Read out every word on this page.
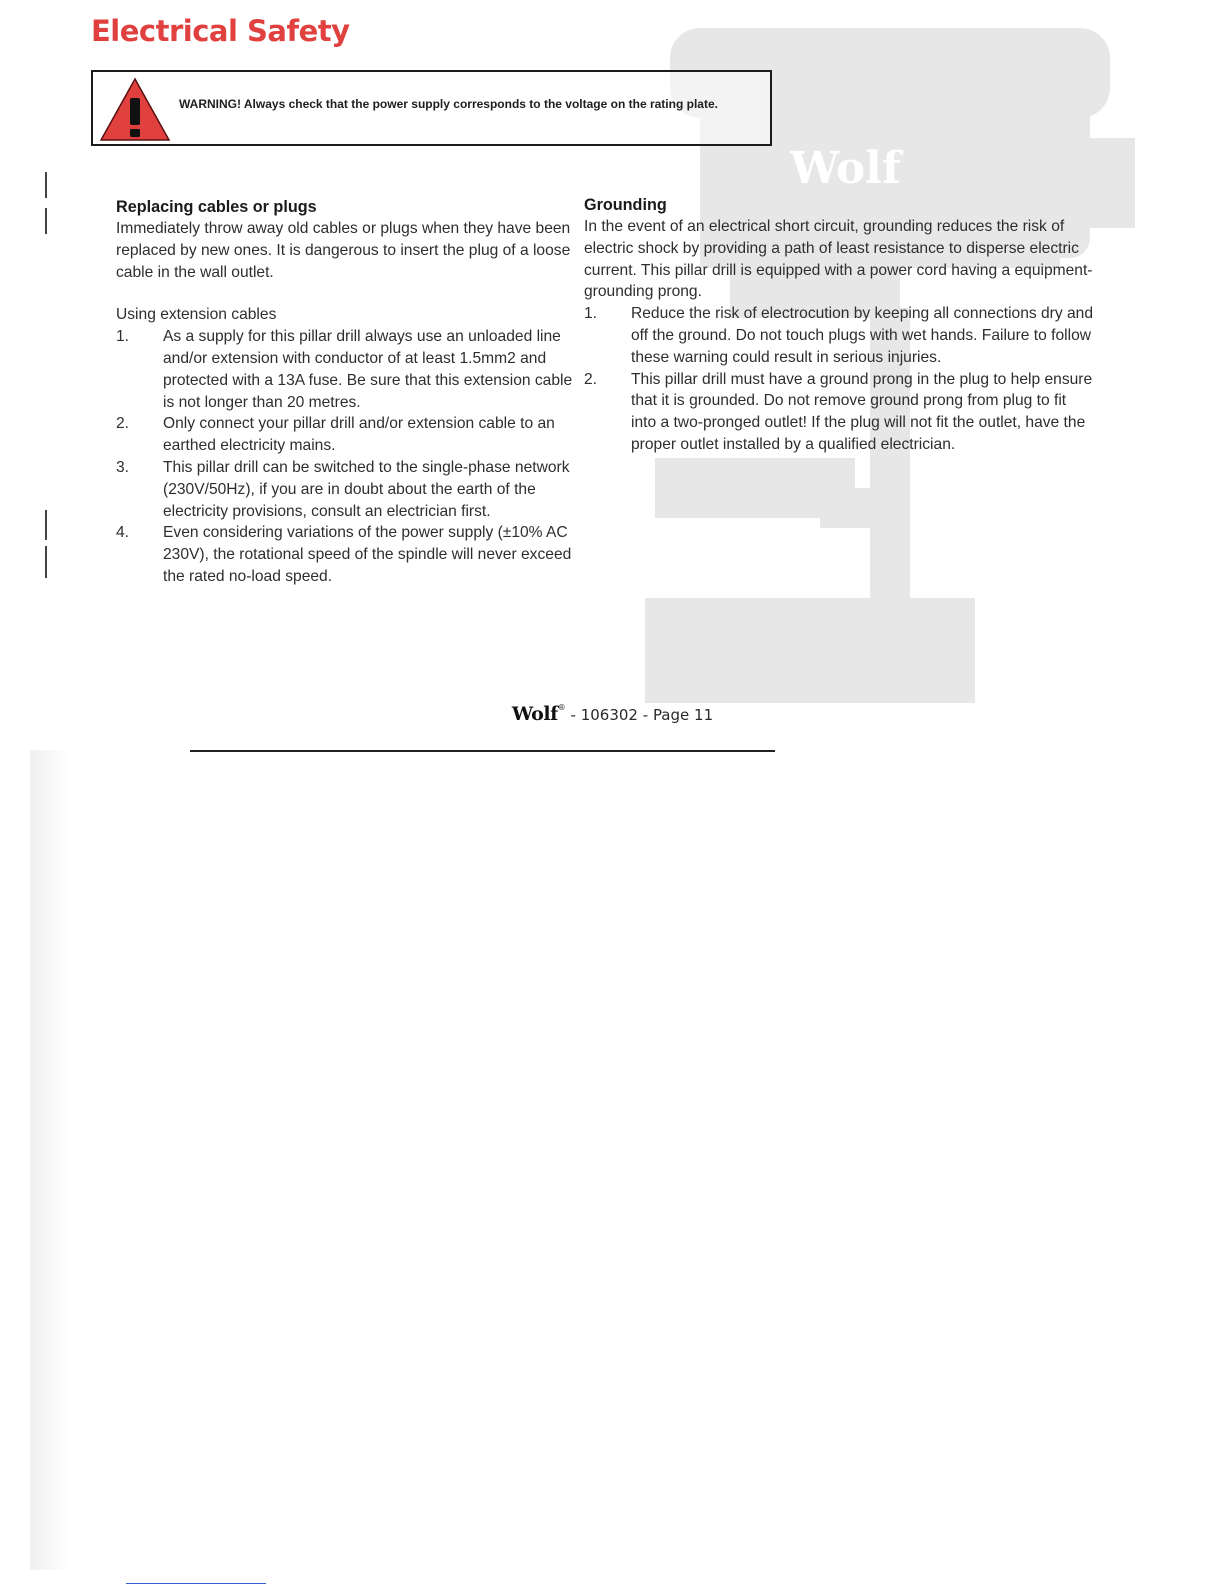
Electrical Safety
Wolf
WARNING! Always check that the power supply corresponds to the voltage on the rating plate.

Replacing cables or plugs

Immediately throw away old cables or plugs when they have been replaced by new ones. It is dangerous to insert the plug of a loose cable in the wall outlet.

Using extension cables

1. As a supply for this pillar drill always use an unloaded line and/or extension with conductor of at least 1.5mm2 and protected with a 13A fuse. Be sure that this extension cable is not longer than 20 metres.
2. Only connect your pillar drill and/or extension cable to an earthed electricity mains.
3. This pillar drill can be switched to the single-phase network (230V/50Hz), if you are in doubt about the earth of the electricity provisions, consult an electrician first.
4. Even considering variations of the power supply (±10% AC 230V), the rotational speed of the spindle will never exceed the rated no-load speed.

Grounding

In the event of an electrical short circuit, grounding reduces the risk of electric shock by providing a path of least resistance to disperse electric current. This pillar drill is equipped with a power cord having a equipment-grounding prong.

1. Reduce the risk of electrocution by keeping all connections dry and off the ground. Do not touch plugs with wet hands. Failure to follow these warning could result in serious injuries.
2. This pillar drill must have a ground prong in the plug to help ensure that it is grounded. Do not remove ground prong from plug to fit into a two-pronged outlet! If the plug will not fit the outlet, have the proper outlet installed by a qualified electrician.
Wolf® - 106302 - Page 11
